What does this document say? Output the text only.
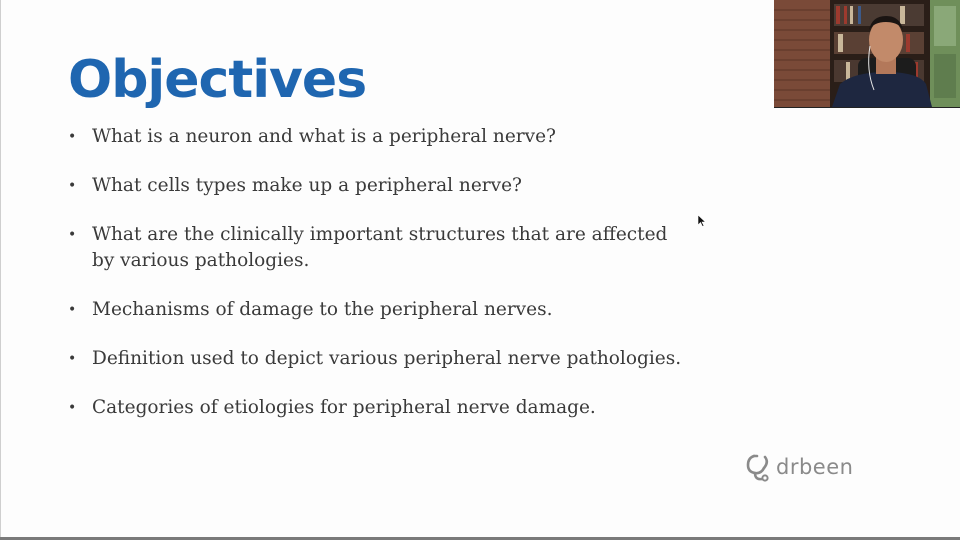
Objectives
• What is a neuron and what is a peripheral nerve?
• What cells types make up a peripheral nerve?
• What are the clinically important structures that are affected by various pathologies.
• Mechanisms of damage to the peripheral nerves.
• Definition used to depict various peripheral nerve pathologies.
• Categories of etiologies for peripheral nerve damage.
drbeen
